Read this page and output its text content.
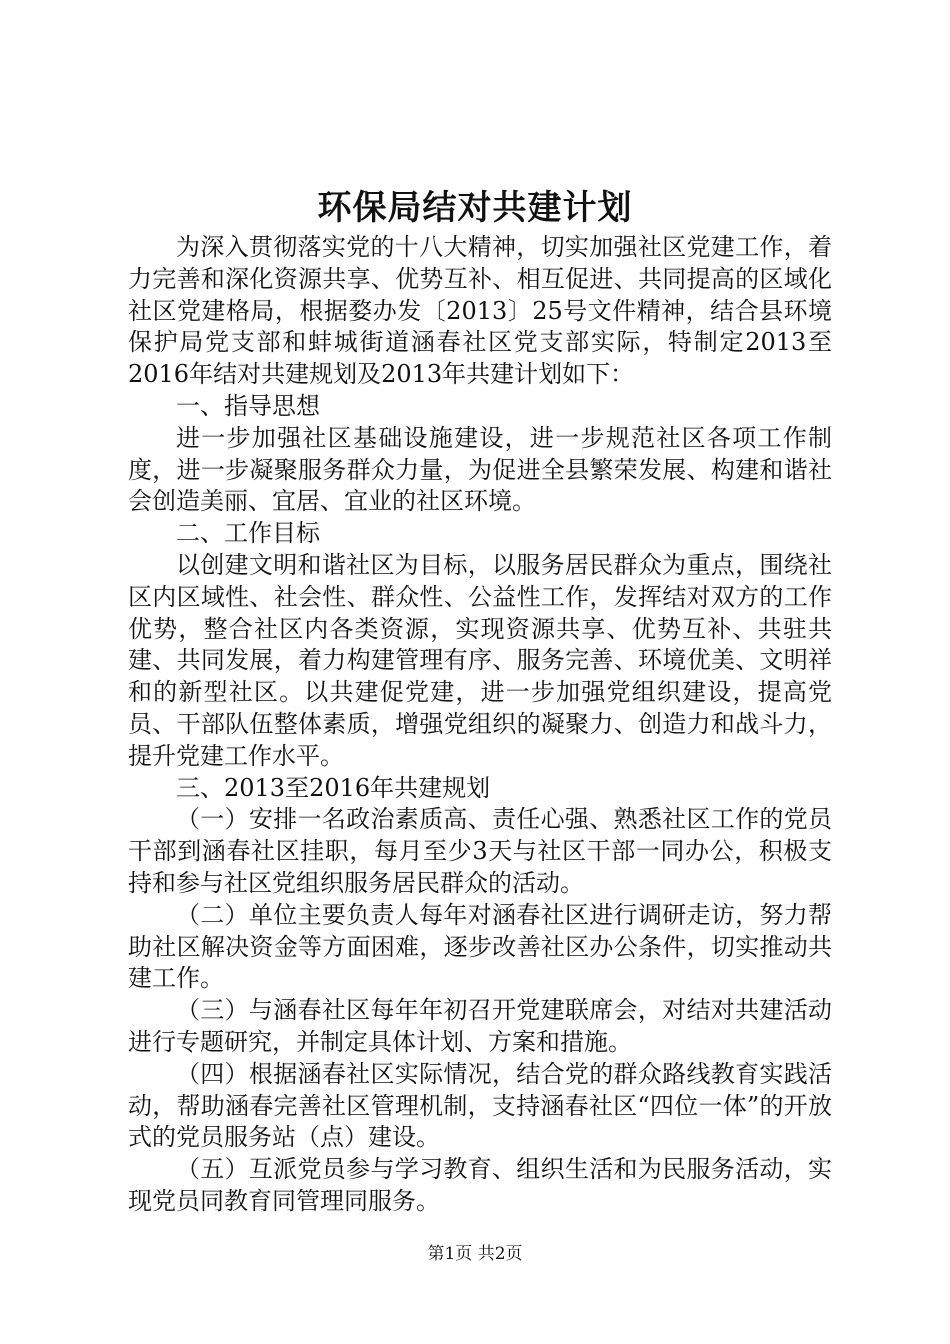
环保局结对共建计划

为深入贯彻落实党的十八大精神，切实加强社区党建工作，着力完善和深化资源共享、优势互补、相互促进、共同提高的区域化社区党建格局，根据婺办发〔2013〕25号文件精神，结合县环境保护局党支部和蚌城街道涵春社区党支部实际，特制定2013至2016年结对共建规划及2013年共建计划如下：

一、指导思想

进一步加强社区基础设施建设，进一步规范社区各项工作制度，进一步凝聚服务群众力量，为促进全县繁荣发展、构建和谐社会创造美丽、宜居、宜业的社区环境。

二、工作目标

以创建文明和谐社区为目标，以服务居民群众为重点，围绕社区内区域性、社会性、群众性、公益性工作，发挥结对双方的工作优势，整合社区内各类资源，实现资源共享、优势互补、共驻共建、共同发展，着力构建管理有序、服务完善、环境优美、文明祥和的新型社区。以共建促党建，进一步加强党组织建设，提高党员、干部队伍整体素质，增强党组织的凝聚力、创造力和战斗力，提升党建工作水平。

三、2013至2016年共建规划

（一）安排一名政治素质高、责任心强、熟悉社区工作的党员干部到涵春社区挂职，每月至少3天与社区干部一同办公，积极支持和参与社区党组织服务居民群众的活动。

（二）单位主要负责人每年对涵春社区进行调研走访，努力帮助社区解决资金等方面困难，逐步改善社区办公条件，切实推动共建工作。

（三）与涵春社区每年年初召开党建联席会，对结对共建活动进行专题研究，并制定具体计划、方案和措施。

（四）根据涵春社区实际情况，结合党的群众路线教育实践活动，帮助涵春完善社区管理机制，支持涵春社区“四位一体”的开放式的党员服务站（点）建设。

（五）互派党员参与学习教育、组织生活和为民服务活动，实现党员同教育同管理同服务。

第1页 共2页
